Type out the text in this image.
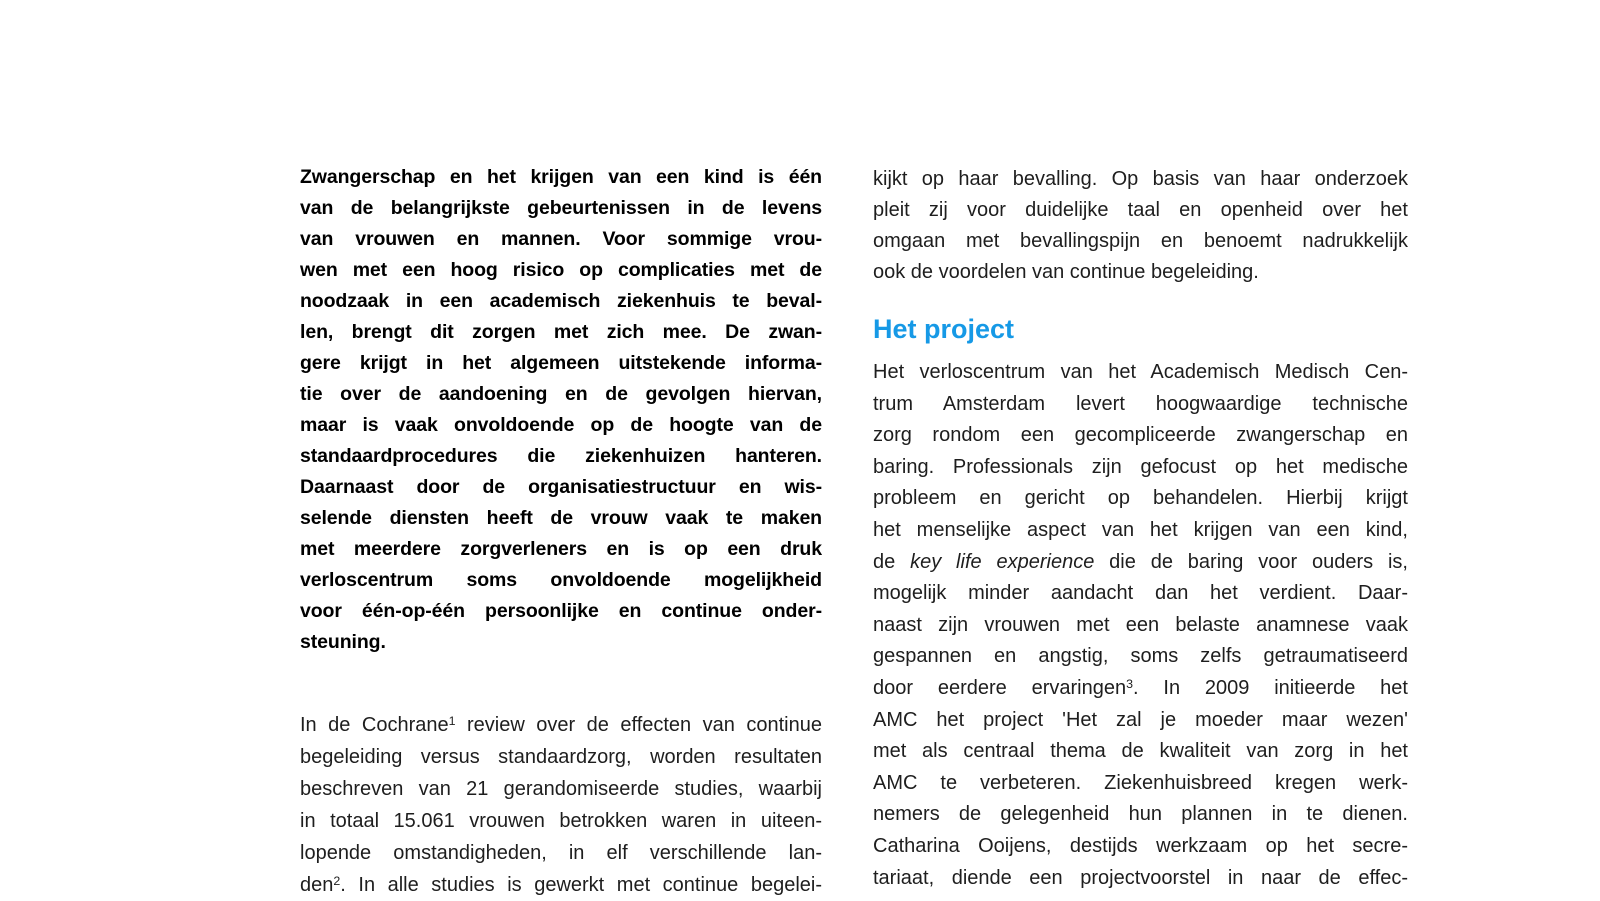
Zwangerschap en het krijgen van een kind is één
van de belangrijkste gebeurtenissen in de levens
van vrouwen en mannen. Voor sommige vrou-
wen met een hoog risico op complicaties met de
noodzaak in een academisch ziekenhuis te beval-
len, brengt dit zorgen met zich mee. De zwan-
gere krijgt in het algemeen uitstekende informa-
tie over de aandoening en de gevolgen hiervan,
maar is vaak onvoldoende op de hoogte van de
standaardprocedures die ziekenhuizen hanteren.
Daarnaast door de organisatiestructuur en wis-
selende diensten heeft de vrouw vaak te maken
met meerdere zorgverleners en is op een druk
verloscentrum soms onvoldoende mogelijkheid
voor één-op-één persoonlijke en continue onder-
steuning.
In de Cochrane$^1$ review over de effecten van continue
begeleiding versus standaardzorg, worden resultaten
beschreven van 21 gerandomiseerde studies, waarbij
in totaal 15.061 vrouwen betrokken waren in uiteen-
lopende omstandigheden, in elf verschillende lan-
den$^2$. In alle studies is gewerkt met continue begelei-
kijkt op haar bevalling. Op basis van haar onderzoek
pleit zij voor duidelijke taal en openheid over het
omgaan met bevallingspijn en benoemt nadrukkelijk
ook de voordelen van continue begeleiding.
Het project
Het verloscentrum van het Academisch Medisch Cen-
trum Amsterdam levert hoogwaardige technische
zorg rondom een gecompliceerde zwangerschap en
baring. Professionals zijn gefocust op het medische
probleem en gericht op behandelen. Hierbij krijgt
het menselijke aspect van het krijgen van een kind,
de key life experience die de baring voor ouders is,
mogelijk minder aandacht dan het verdient. Daar-
naast zijn vrouwen met een belaste anamnese vaak
gespannen en angstig, soms zelfs getraumatiseerd
door eerdere ervaringen$^3$. In 2009 initieerde het
AMC het project 'Het zal je moeder maar wezen'
met als centraal thema de kwaliteit van zorg in het
AMC te verbeteren. Ziekenhuisbreed kregen werk-
nemers de gelegenheid hun plannen in te dienen.
Catharina Ooijens, destijds werkzaam op het secre-
tariaat, diende een projectvoorstel in naar de effec-
